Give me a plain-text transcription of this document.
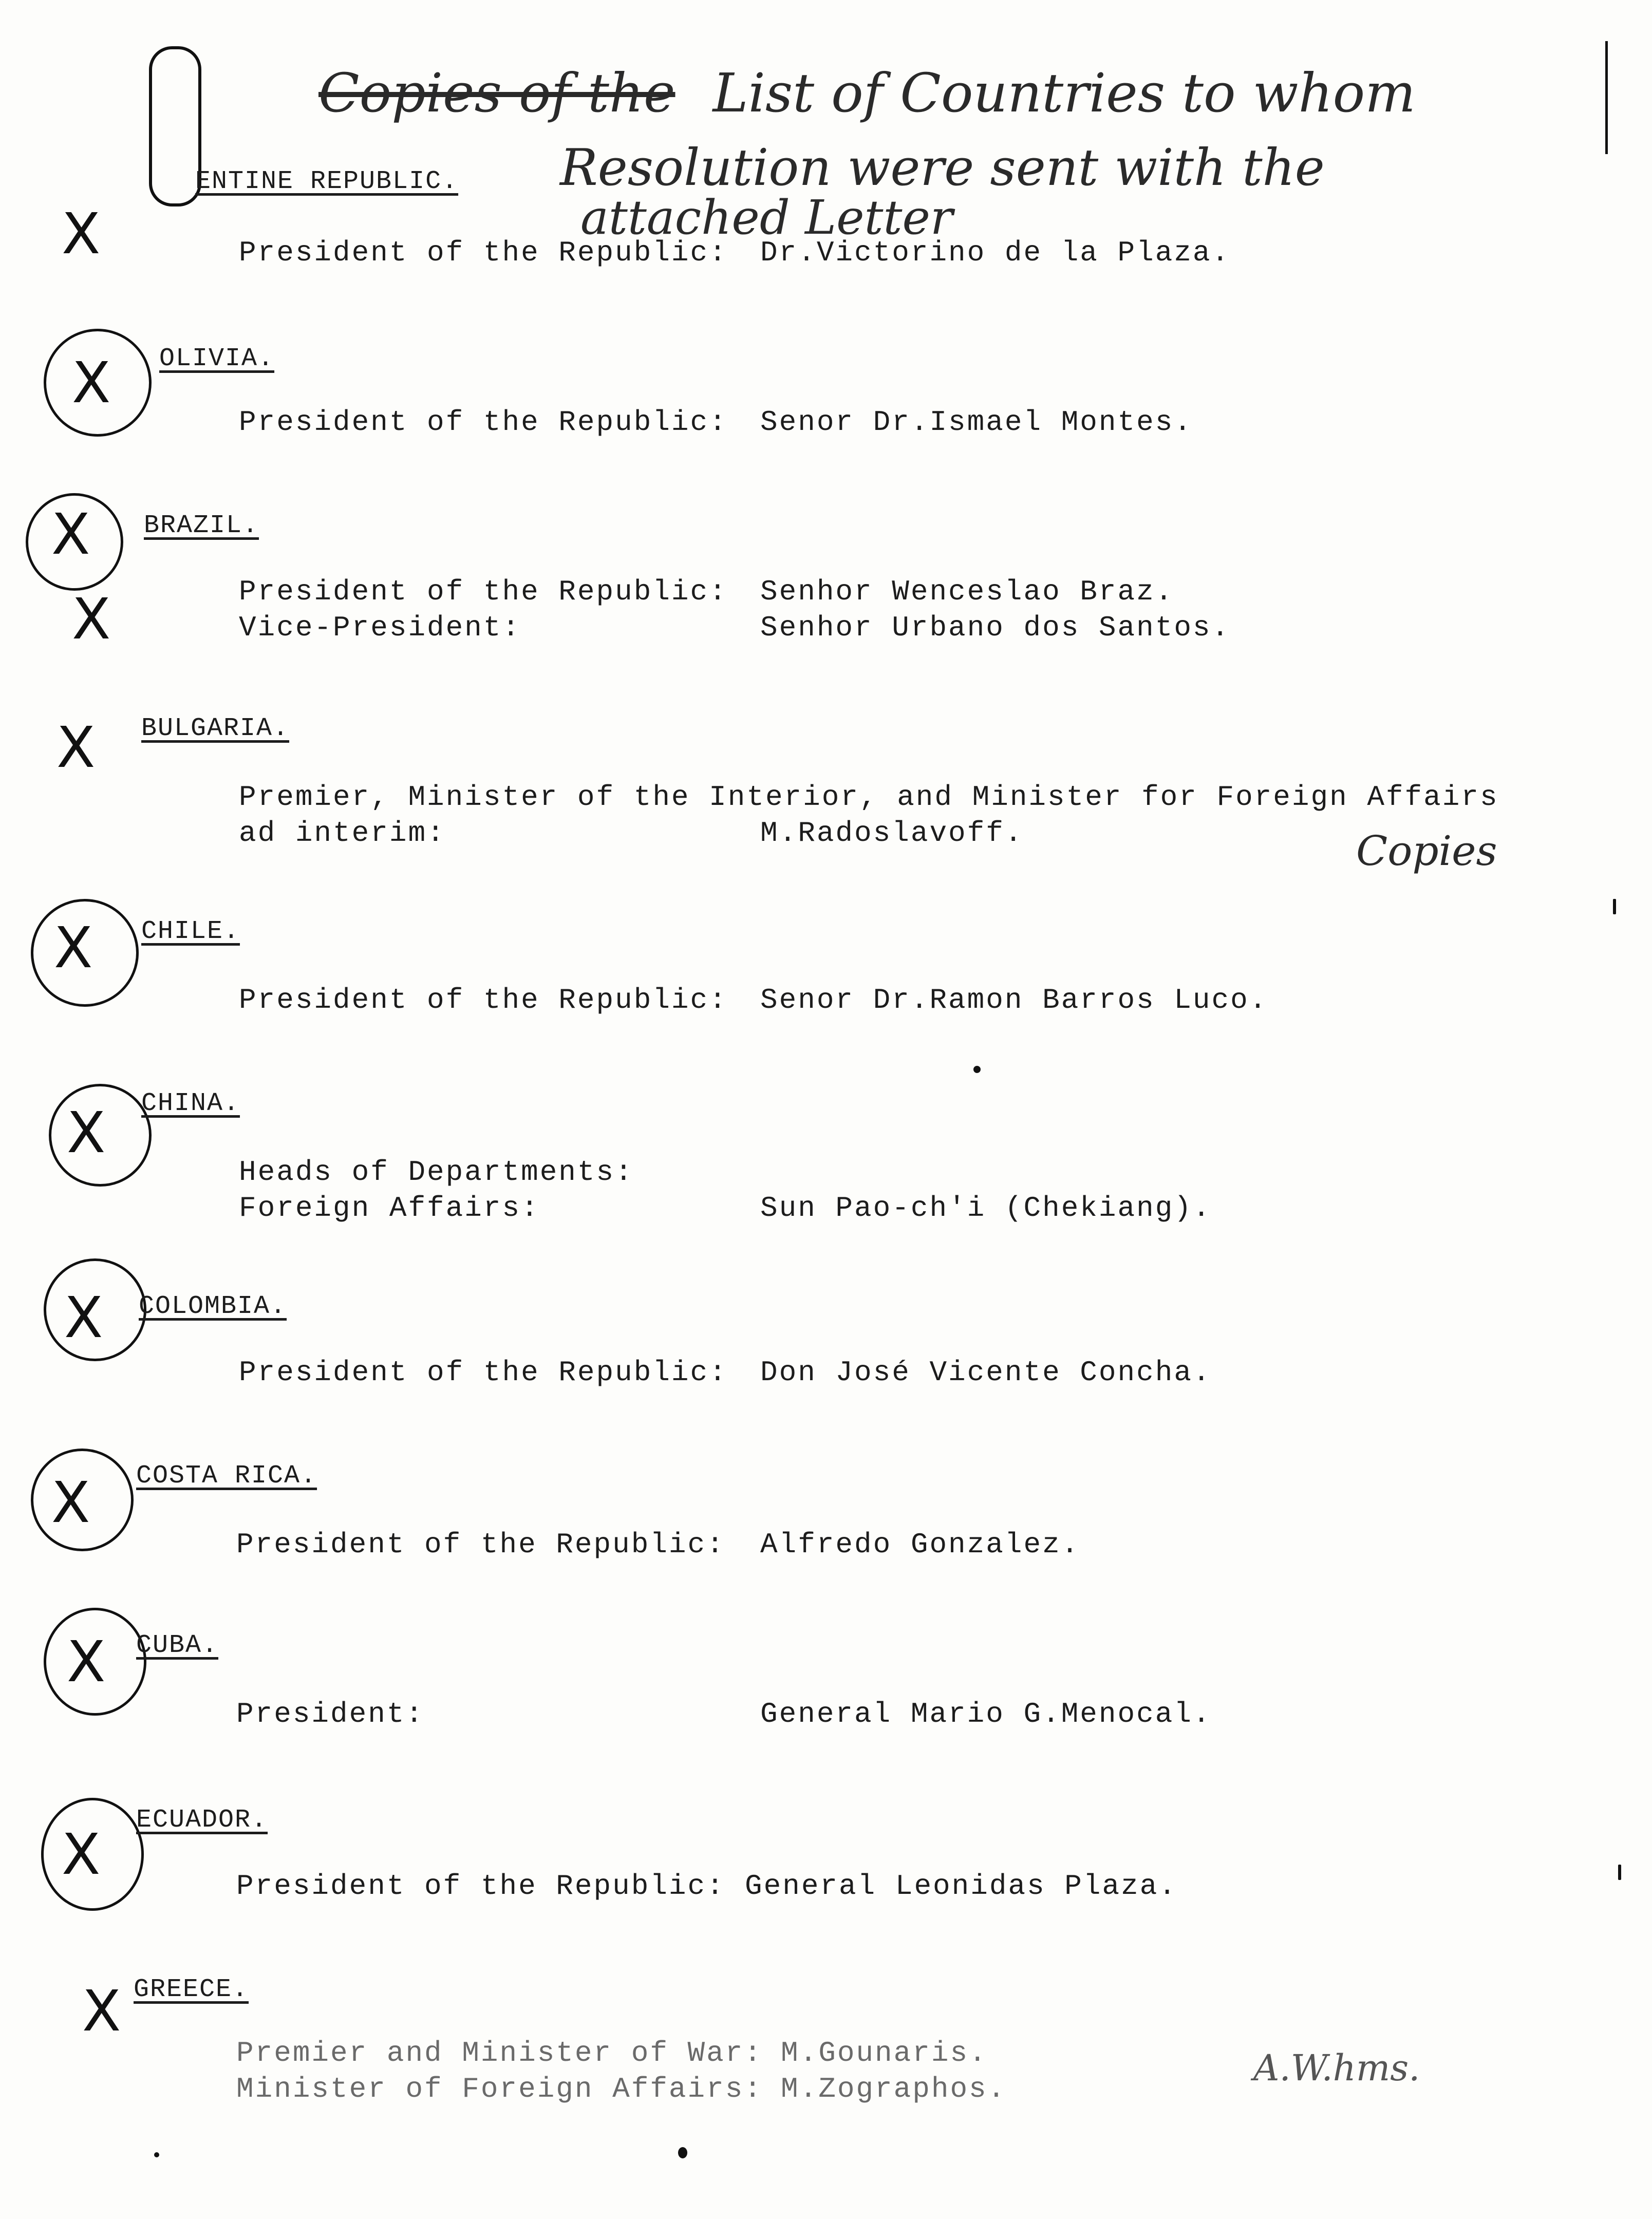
Copies of the List of Countries to whom
Resolution were sent with the
attached Letter
ENTINE REPUBLIC.
X	President of the Republic: Dr.Victorino de la Plaza.
X OLIVIA.
President of the Republic: Senor Dr.Ismael Montes.
X
X
BRAZIL.
President of the Republic: Senhor Wenceslao Braz.
Vice-President:	Senhor Urbano dos Santos.
X BULGARIA.
Premier, Minister of the Interior, and Minister for Foreign Affairs
ad interim:	M.Radoslavoff.	Copies
X CHILE.
President of the Republic: Senor Dr.Ramon Barros Luco.
X CHINA.
Heads of Departments:
Foreign Affairs:	Sun Pao-ch'i (Chekiang).
X COLOMBIA.
President of the Republic: Don José Vicente Concha.
X COSTA RICA.
President of the Republic: Alfredo Gonzalez.
X CUBA.
President:	General Mario G.Menocal.
X
ECUADOR.
President of the Republic: General Leonidas Plaza.
X GREECE.
Premier and Minister of War: M.Gounaris.
Minister of Foreign Affairs: M.Zographos.	A.W.hms.
